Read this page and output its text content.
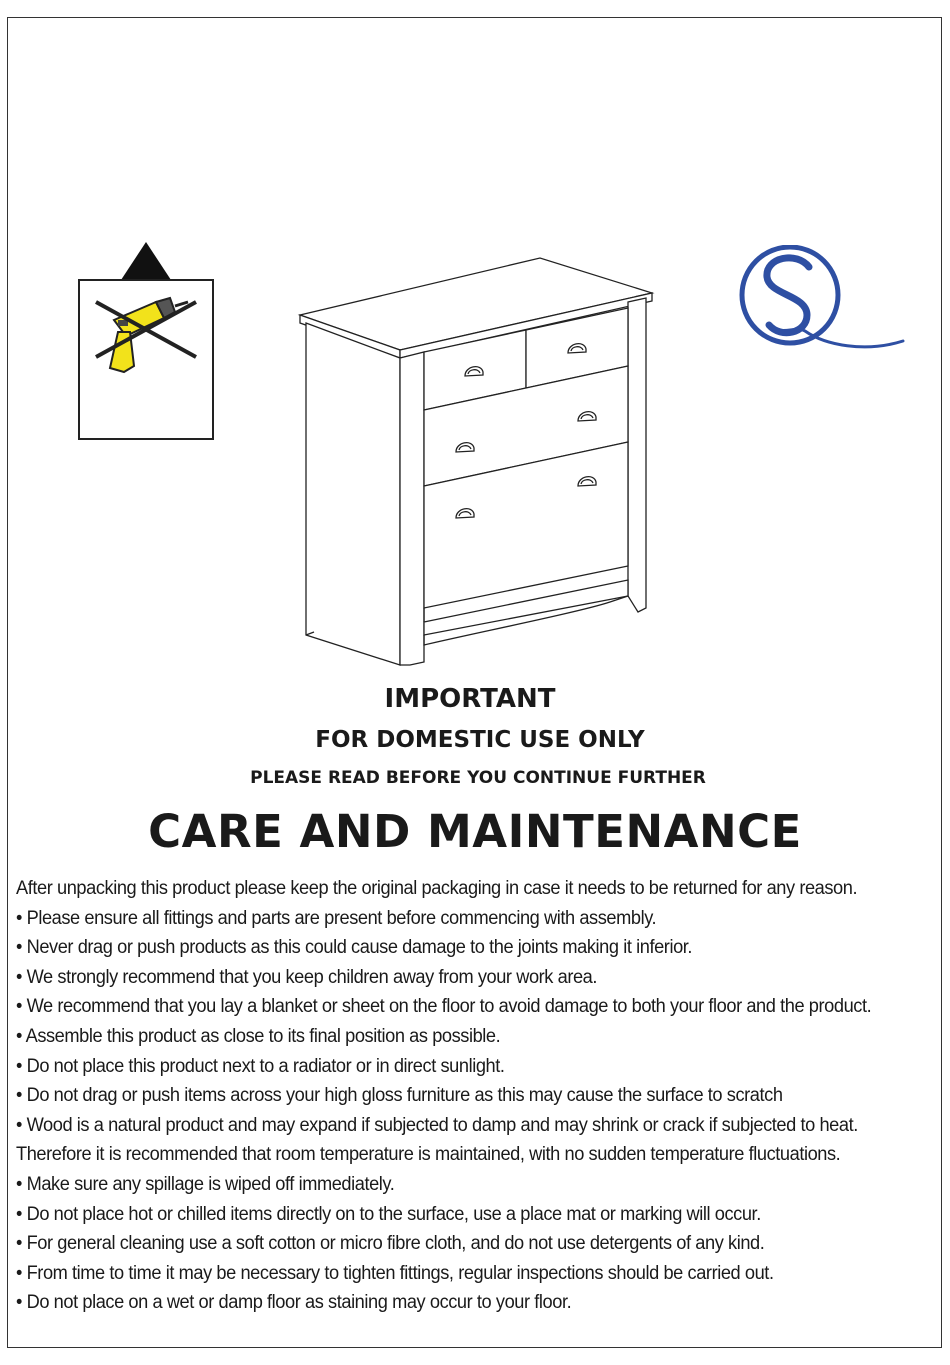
IMPORTANT
FOR DOMESTIC USE ONLY
PLEASE READ BEFORE YOU CONTINUE FURTHER
CARE AND MAINTENANCE
After unpacking this product please keep the original packaging in case it needs to be returned for any reason.
• Please ensure all fittings and parts are present before commencing with assembly.
• Never drag or push products as this could cause damage to the joints making it inferior.
• We strongly recommend that you keep children away from your work area.
• We recommend that you lay a blanket or sheet on the floor to avoid damage to both your floor and the product.
• Assemble this product as close to its final position as possible.
• Do not place this product next to a radiator or in direct sunlight.
• Do not drag or push items across your high gloss furniture as this may cause the surface to scratch
• Wood is a natural product and may expand if subjected to damp and may shrink or crack if subjected to heat.
Therefore it is recommended that room temperature is maintained, with no sudden temperature fluctuations.
• Make sure any spillage is wiped off immediately.
• Do not place hot or chilled items directly on to the surface, use a place mat or marking will occur.
• For general cleaning use a soft cotton or micro fibre cloth, and do not use detergents of any kind.
• From time to time it may be necessary to tighten fittings, regular inspections should be carried out.
• Do not place on a wet or damp floor as staining may occur to your floor.
